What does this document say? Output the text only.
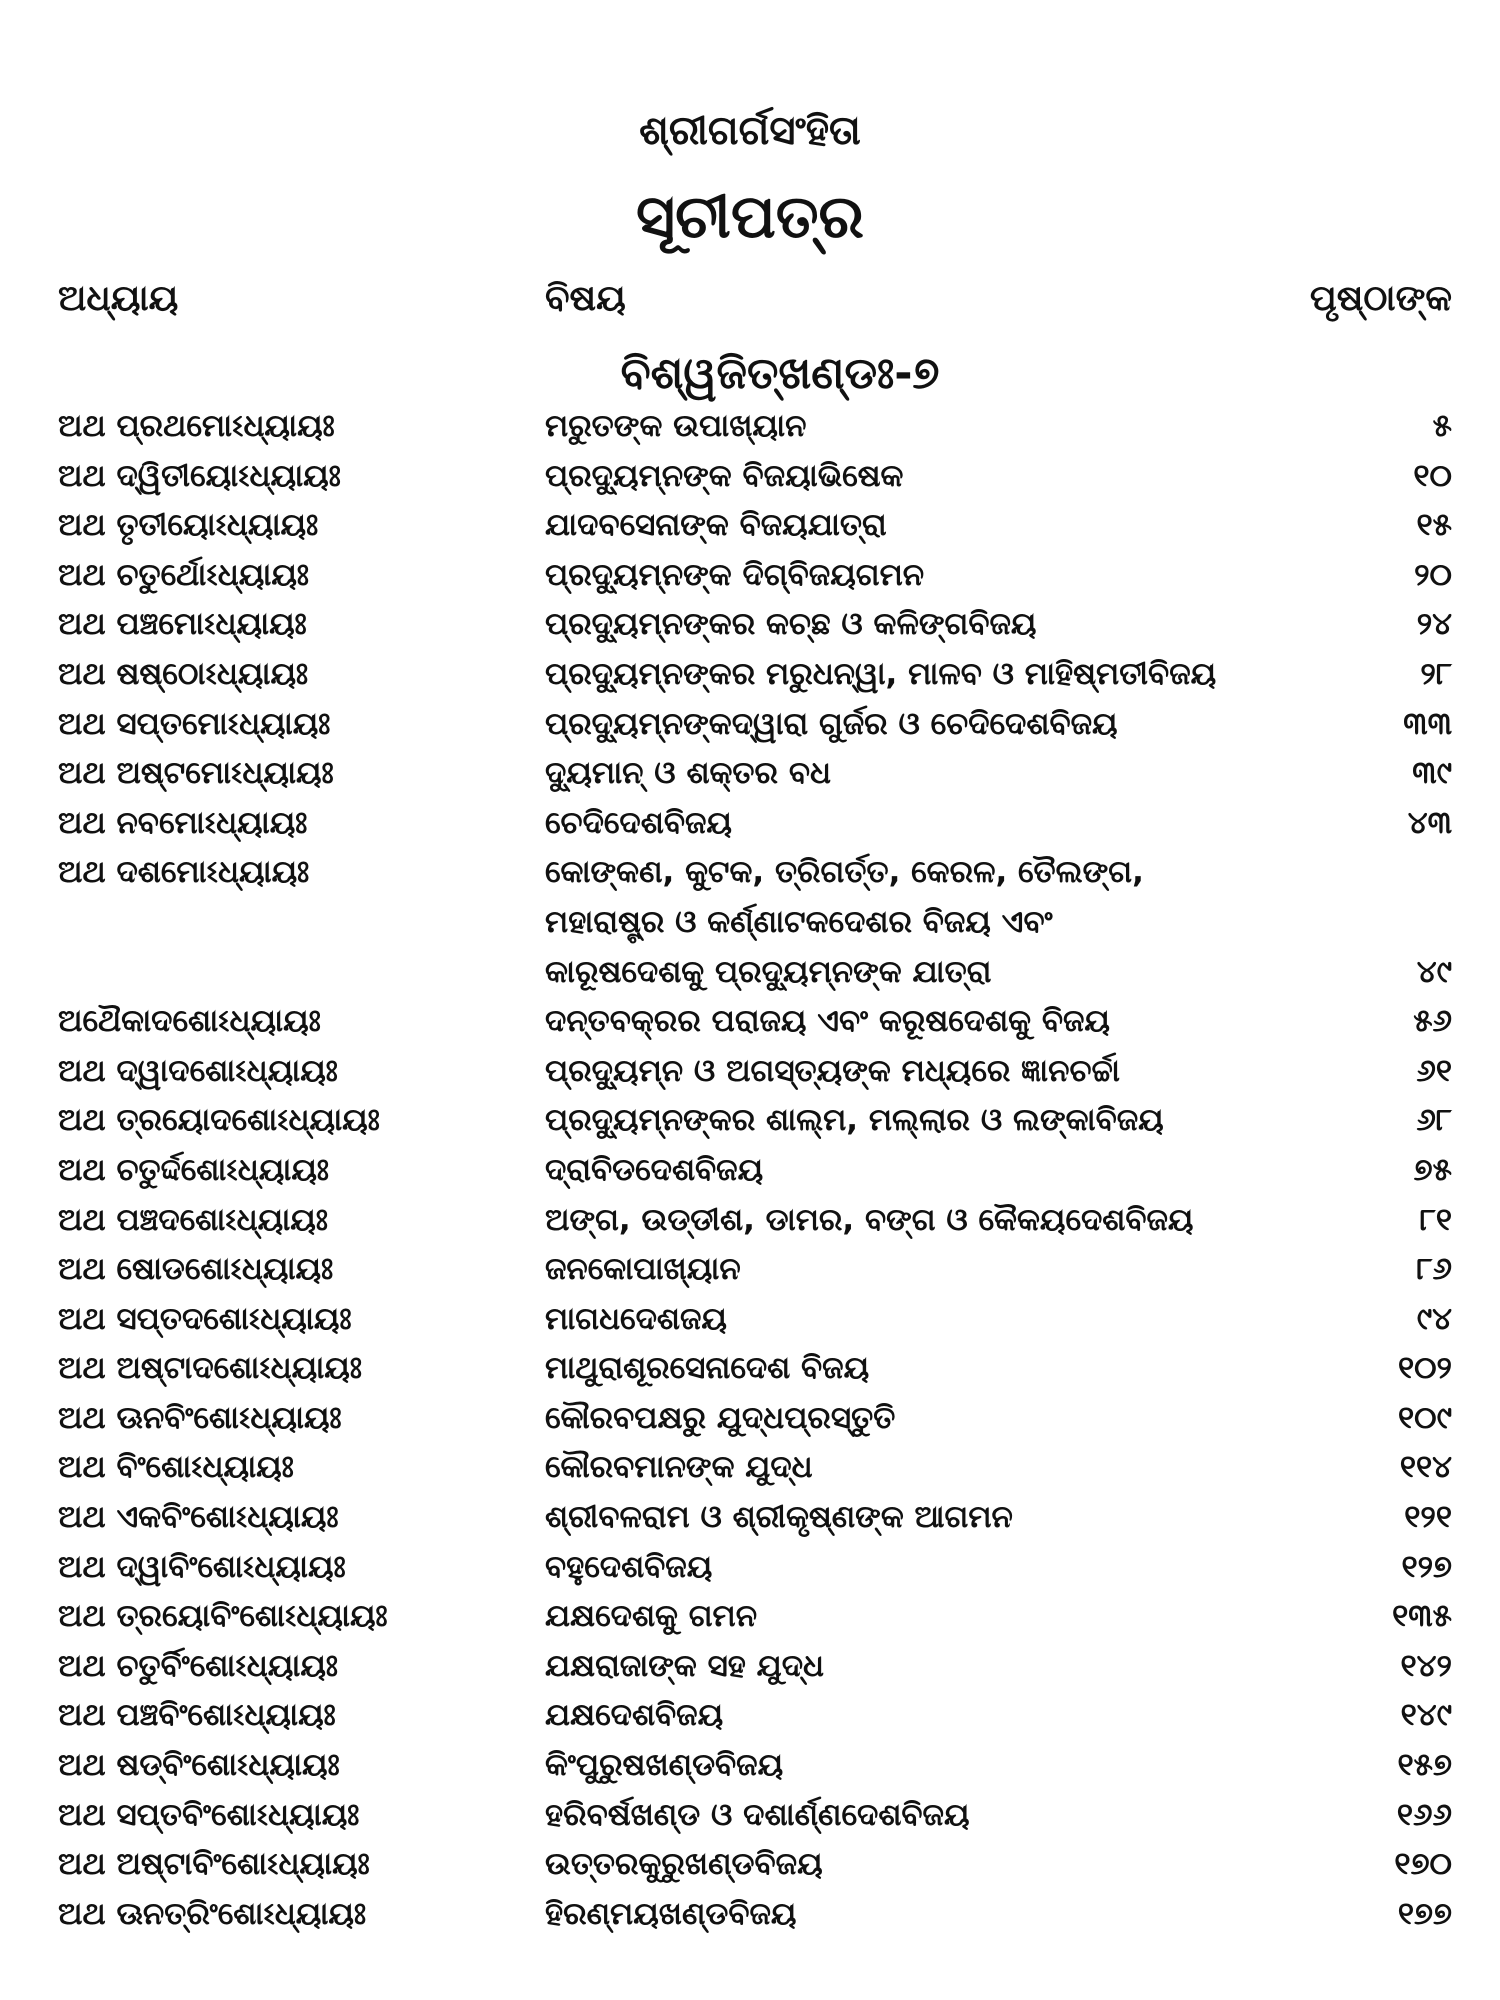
ଶ୍ରୀଗର୍ଗସଂହିତା
ସୂଚୀପତ୍ର
ଅଧ୍ୟାୟ	ବିଷୟ	ପୃଷ୍ଠାଙ୍କ
ବିଶ୍ୱଜିତ୍‌ଖଣ୍ଡଃ-୭
ଅଥ ପ୍ରଥମୋଽଧ୍ୟାୟଃ	ମରୁତଙ୍କ ଉପାଖ୍ୟାନ	୫
ଅଥ ଦ୍ୱିତୀୟୋଽଧ୍ୟାୟଃ	ପ୍ରଦ୍ୟୁମ୍ନଙ୍କ ବିଜୟାଭିଷେକ	୧୦
ଅଥ ତୃତୀୟୋଽଧ୍ୟାୟଃ	ଯାଦବସେନାଙ୍କ ବିଜୟଯାତ୍ରା	୧୫
ଅଥ ଚତୁର୍ଥୋଽଧ୍ୟାୟଃ	ପ୍ରଦ୍ୟୁମ୍ନଙ୍କ ଦିଗ୍‌ବିଜୟଗମନ	୨୦
ଅଥ ପଞ୍ଚମୋଽଧ୍ୟାୟଃ	ପ୍ରଦ୍ୟୁମ୍ନଙ୍କର କଚ୍ଛ ଓ କଳିଙ୍ଗବିଜୟ	୨୪
ଅଥ ଷଷ୍ଠୋଽଧ୍ୟାୟଃ	ପ୍ରଦ୍ୟୁମ୍ନଙ୍କର ମରୁଧନ୍ୱା, ମାଳବ ଓ ମାହିଷ୍ମତୀବିଜୟ	୨୮
ଅଥ ସପ୍ତମୋଽଧ୍ୟାୟଃ	ପ୍ରଦ୍ୟୁମ୍ନଙ୍କଦ୍ୱାରା ଗୁର୍ଜର ଓ ଚେଦିଦେଶବିଜୟ	୩୩
ଅଥ ଅଷ୍ଟମୋଽଧ୍ୟାୟଃ	ଦ୍ୟୁମାନ୍ ଓ ଶକ୍ତର ବଧ	୩୯
ଅଥ ନବମୋଽଧ୍ୟାୟଃ	ଚେଦିଦେଶବିଜୟ	୪୩
ଅଥ ଦଶମୋଽଧ୍ୟାୟଃ	କୋଙ୍କଣ, କୁଟକ, ତ୍ରିଗର୍ତ୍ତ, କେରଳ, ତୈଲଙ୍ଗ,
ମହାରାଷ୍ଟ୍ର ଓ କର୍ଣ୍ଣାଟକଦେଶର ବିଜୟ ଏବଂ
କାରୂଷଦେଶକୁ ପ୍ରଦ୍ୟୁମ୍ନଙ୍କ ଯାତ୍ରା	୪୯
ଅଥୈକାଦଶୋଽଧ୍ୟାୟଃ	ଦନ୍ତବକ୍ରର ପରାଜୟ ଏବଂ କରୂଷଦେଶକୁ ବିଜୟ	୫୬
ଅଥ ଦ୍ୱାଦଶୋଽଧ୍ୟାୟଃ	ପ୍ରଦ୍ୟୁମ୍ନ ଓ ଅଗସ୍ତ୍ୟଙ୍କ ମଧ୍ୟରେ ଜ୍ଞାନଚର୍ଚ୍ଚା	୬୧
ଅଥ ତ୍ରୟୋଦଶୋଽଧ୍ୟାୟଃ	ପ୍ରଦ୍ୟୁମ୍ନଙ୍କର ଶାଲ୍ମ, ମଲ୍ଲାର ଓ ଲଙ୍କାବିଜୟ	୬୮
ଅଥ ଚତୁର୍ଦ୍ଦଶୋଽଧ୍ୟାୟଃ	ଦ୍ରାବିଡଦେଶବିଜୟ	୭୫
ଅଥ ପଞ୍ଚଦଶୋଽଧ୍ୟାୟଃ	ଅଙ୍ଗ, ଉଡ୍ଡୀଶ, ଡାମର, ବଙ୍ଗ ଓ କୈକୟଦେଶବିଜୟ	୮୧
ଅଥ ଷୋଡଶୋଽଧ୍ୟାୟଃ	ଜନକୋପାଖ୍ୟାନ	୮୬
ଅଥ ସପ୍ତଦଶୋଽଧ୍ୟାୟଃ	ମାଗଧଦେଶଜୟ	୯୪
ଅଥ ଅଷ୍ଟାଦଶୋଽଧ୍ୟାୟଃ	ମାଥୁରାଶୂରସେନାଦେଶ ବିଜୟ	୧୦୨
ଅଥ ଊନବିଂଶୋଽଧ୍ୟାୟଃ	କୌରବପକ୍ଷରୁ ଯୁଦ୍ଧପ୍ରସ୍ତୁତି	୧୦୯
ଅଥ ବିଂଶୋଽଧ୍ୟାୟଃ	କୌରବମାନଙ୍କ ଯୁଦ୍ଧ	୧୧୪
ଅଥ ଏକବିଂଶୋଽଧ୍ୟାୟଃ	ଶ୍ରୀବଳରାମ ଓ ଶ୍ରୀକୃଷ୍ଣଙ୍କ ଆଗମନ	୧୨୧
ଅଥ ଦ୍ୱାବିଂଶୋଽଧ୍ୟାୟଃ	ବହୁଦେଶବିଜୟ	୧୨୭
ଅଥ ତ୍ରୟୋବିଂଶୋଽଧ୍ୟାୟଃ	ଯକ୍ଷଦେଶକୁ ଗମନ	୧୩୫
ଅଥ ଚତୁର୍ବିଂଶୋଽଧ୍ୟାୟଃ	ଯକ୍ଷରାଜାଙ୍କ ସହ ଯୁଦ୍ଧ	୧୪୨
ଅଥ ପଞ୍ଚବିଂଶୋଽଧ୍ୟାୟଃ	ଯକ୍ଷଦେଶବିଜୟ	୧୪୯
ଅଥ ଷଡ୍‌ବିଂଶୋଽଧ୍ୟାୟଃ	କିଂପୁରୁଷଖଣ୍ଡବିଜୟ	୧୫୭
ଅଥ ସପ୍ତବିଂଶୋଽଧ୍ୟାୟଃ	ହରିବର୍ଷଖଣ୍ଡ ଓ ଦଶାର୍ଣ୍ଣଦେଶବିଜୟ	୧୬୬
ଅଥ ଅଷ୍ଟାବିଂଶୋଽଧ୍ୟାୟଃ	ଉତ୍ତରକୁରୁଖଣ୍ଡବିଜୟ	୧୭୦
ଅଥ ଊନତ୍ରିଂଶୋଽଧ୍ୟାୟଃ	ହିରଣ୍ମୟଖଣ୍ଡବିଜୟ	୧୭୭
